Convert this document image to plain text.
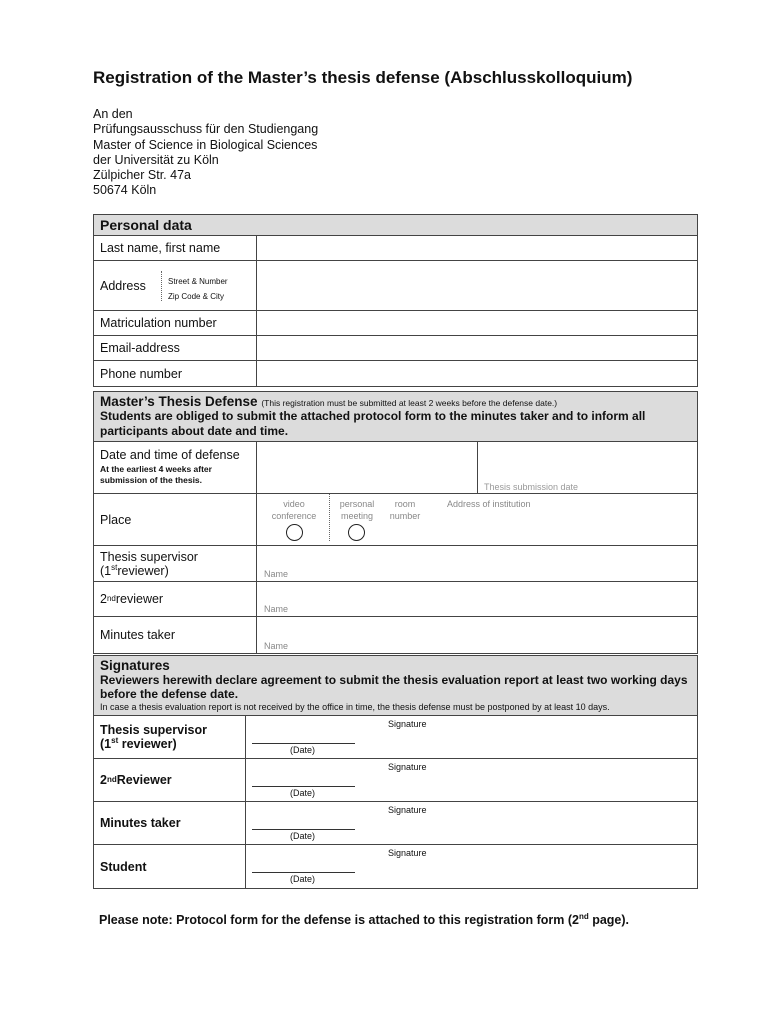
Registration of the Master’s thesis defense (Abschlusskolloquium)
An den
Prüfungsausschuss für den Studiengang
Master of Science in Biological Sciences
der Universität zu Köln
Zülpicher Str. 47a
50674 Köln
Personal data
Last name, first name
Address	Street & Number
Zip Code & City
Matriculation number
Email-address
Phone number
Master’s Thesis Defense (This registration must be submitted at least 2 weeks before the defense date.)
Students are obliged to submit the attached protocol form to the minutes taker and to inform all participants about date and time.
Date and time of defense
At the earliest 4 weeks after submission of the thesis.
Thesis submission date
Place
video
conference
personal
meeting
room
number
Address of institution
Thesis supervisor
(1streviewer)	Name
2 nd reviewer
Name
Minutes taker
Name
Signatures
Reviewers herewith declare agreement to submit the thesis evaluation report at least two working days before the defense date.
In case a thesis evaluation report is not received by the office in time, the thesis defense must be postponed by at least 10 days.
Thesis supervisor
(1st reviewer)
Signature
(Date)
2 nd Reviewer
Signature
(Date)
Minutes taker
Signature
(Date)
Student
Signature
(Date)
Please note: Protocol form for the defense is attached to this registration form (2nd page).
